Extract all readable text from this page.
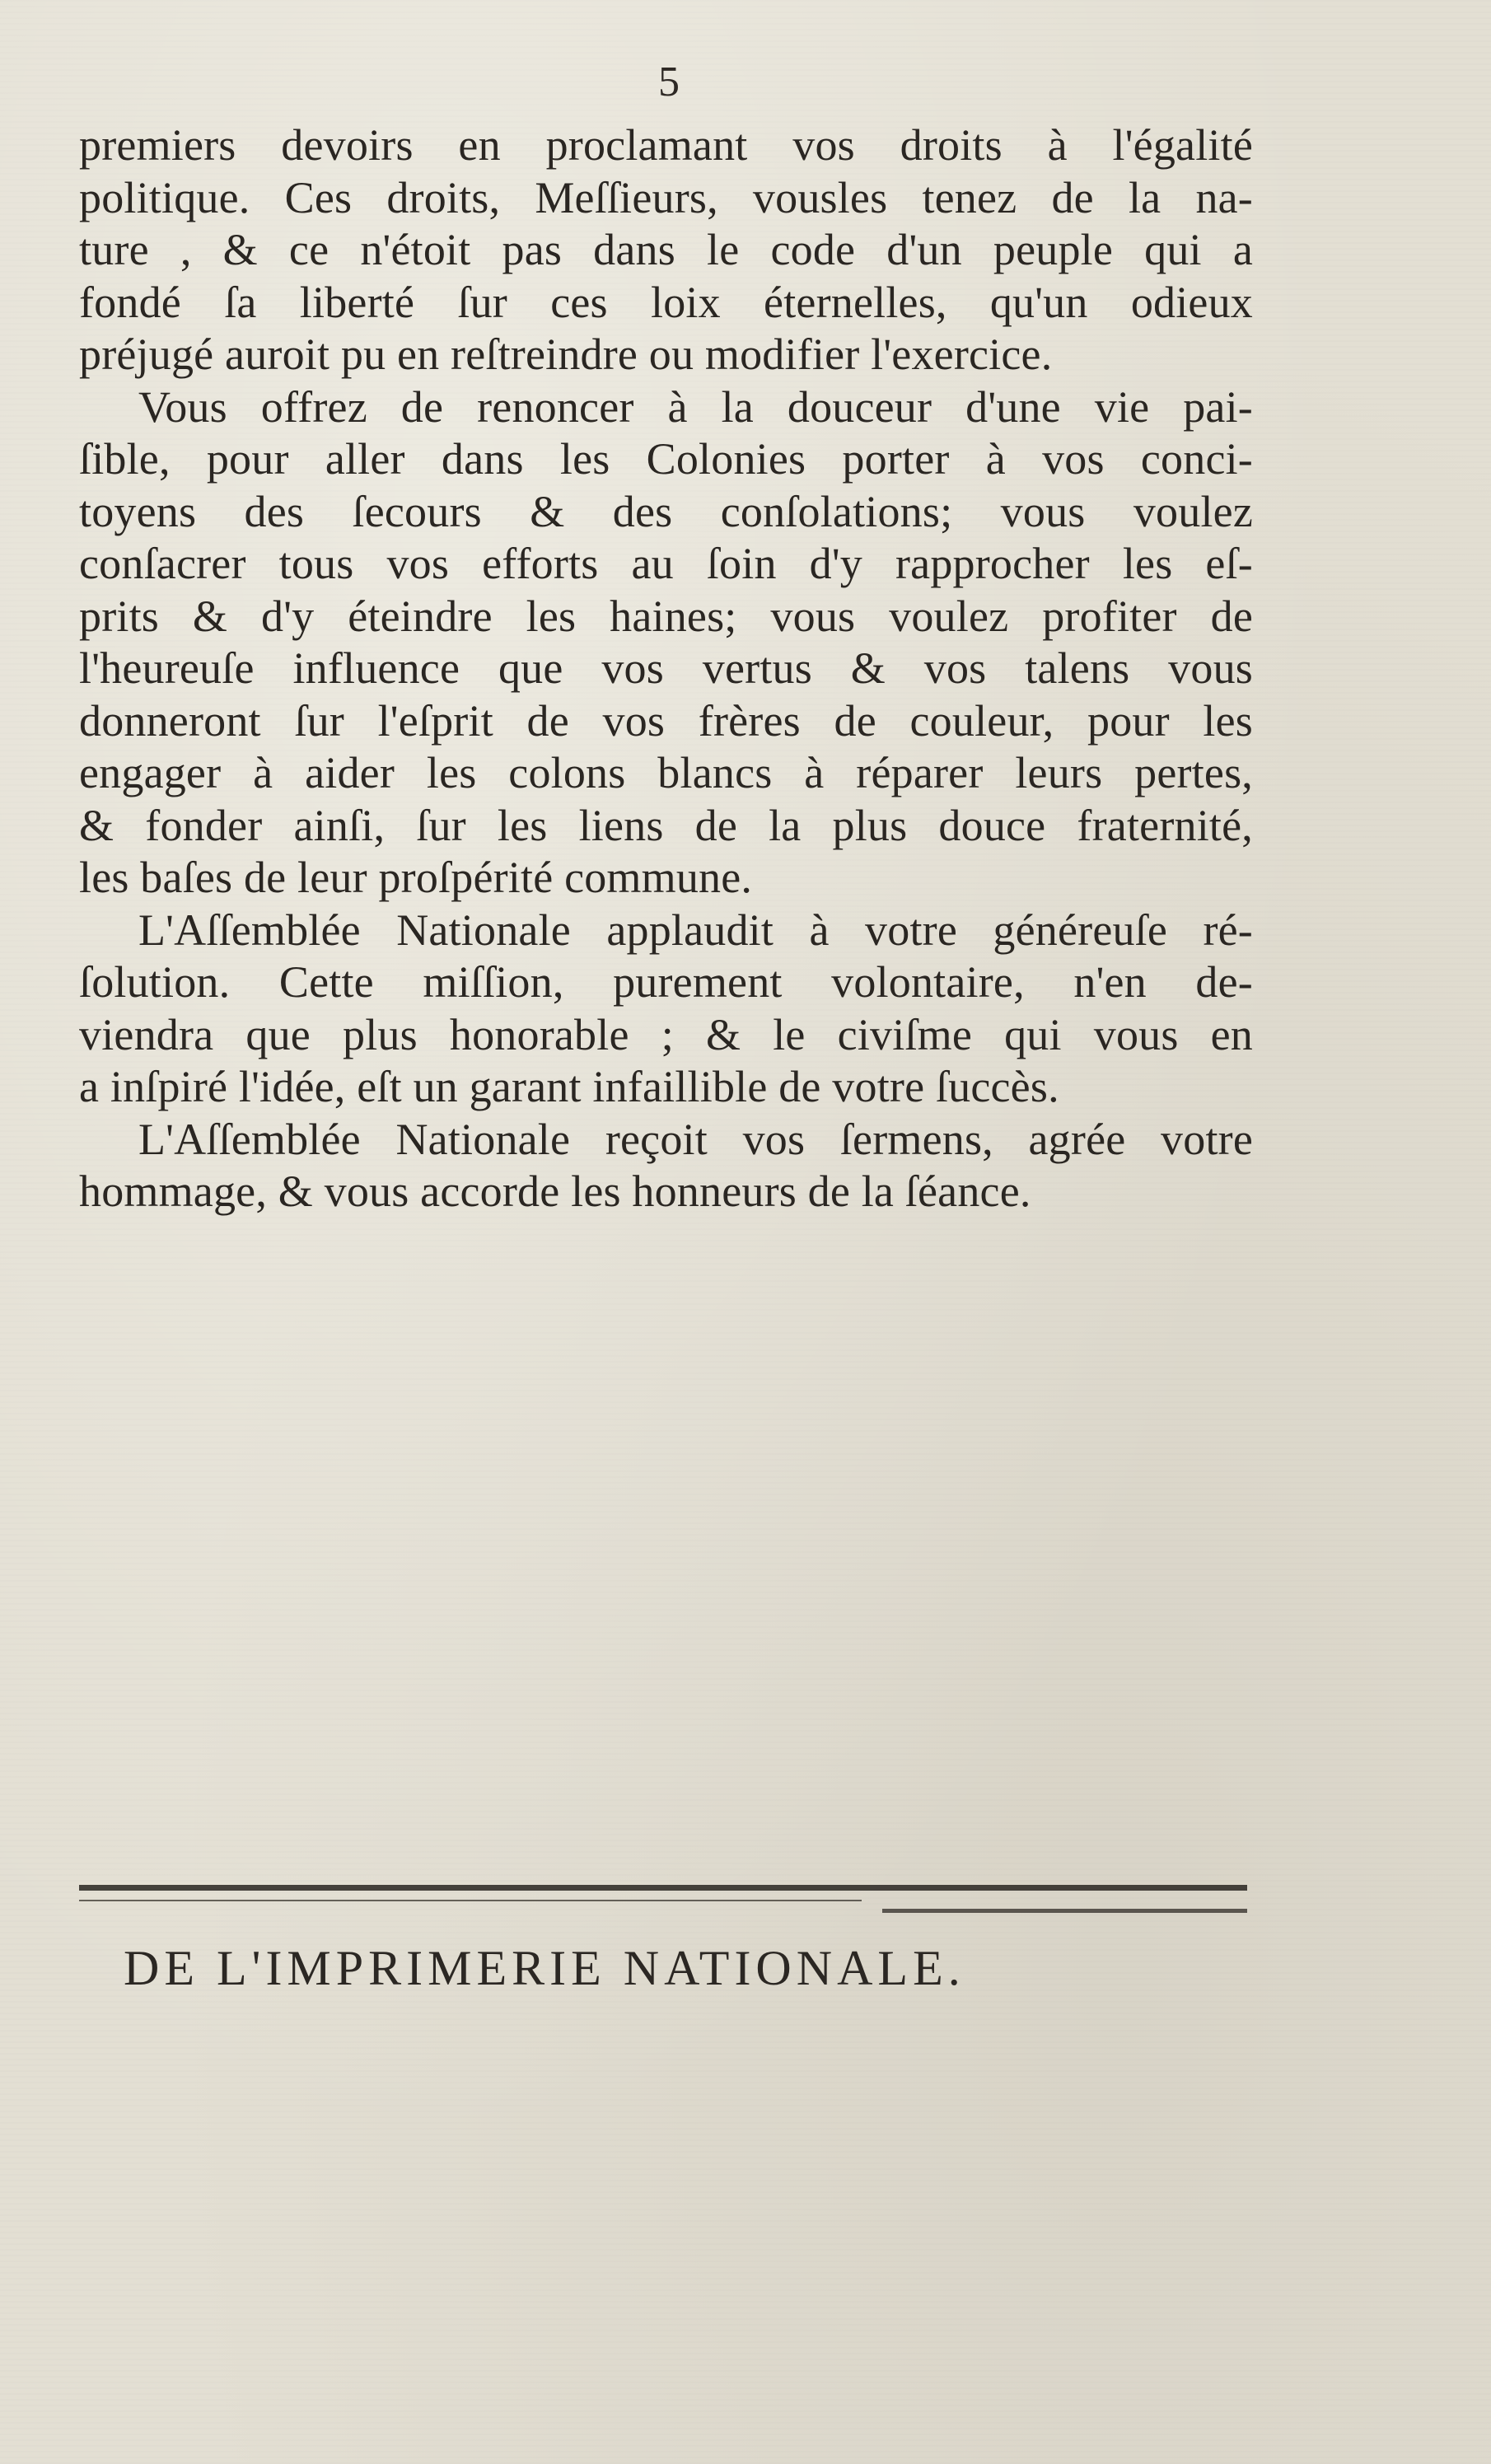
5
premiers devoirs en proclamant vos droits à l'égalité
politique. Ces droits, Meſſieurs, vousles tenez de la na-
ture , & ce n'étoit pas dans le code d'un peuple qui a
fondé ſa liberté ſur ces loix éternelles, qu'un odieux
préjugé auroit pu en reſtreindre ou modifier l'exercice.
Vous offrez de renoncer à la douceur d'une vie pai-
ſible, pour aller dans les Colonies porter à vos conci-
toyens des ſecours & des conſolations; vous voulez
conſacrer tous vos efforts au ſoin d'y rapprocher les eſ-
prits & d'y éteindre les haines; vous voulez profiter de
l'heureuſe influence que vos vertus & vos talens vous
donneront ſur l'eſprit de vos frères de couleur, pour les
engager à aider les colons blancs à réparer leurs pertes,
& fonder ainſi, ſur les liens de la plus douce fraternité,
les baſes de leur proſpérité commune.
L'Aſſemblée Nationale applaudit à votre généreuſe ré-
ſolution. Cette miſſion, purement volontaire, n'en de-
viendra que plus honorable ; & le civiſme qui vous en
a inſpiré l'idée, eſt un garant infaillible de votre ſuccès.
L'Aſſemblée Nationale reçoit vos ſermens, agrée votre
hommage, & vous accorde les honneurs de la ſéance.
DE L'IMPRIMERIE NATIONALE.
